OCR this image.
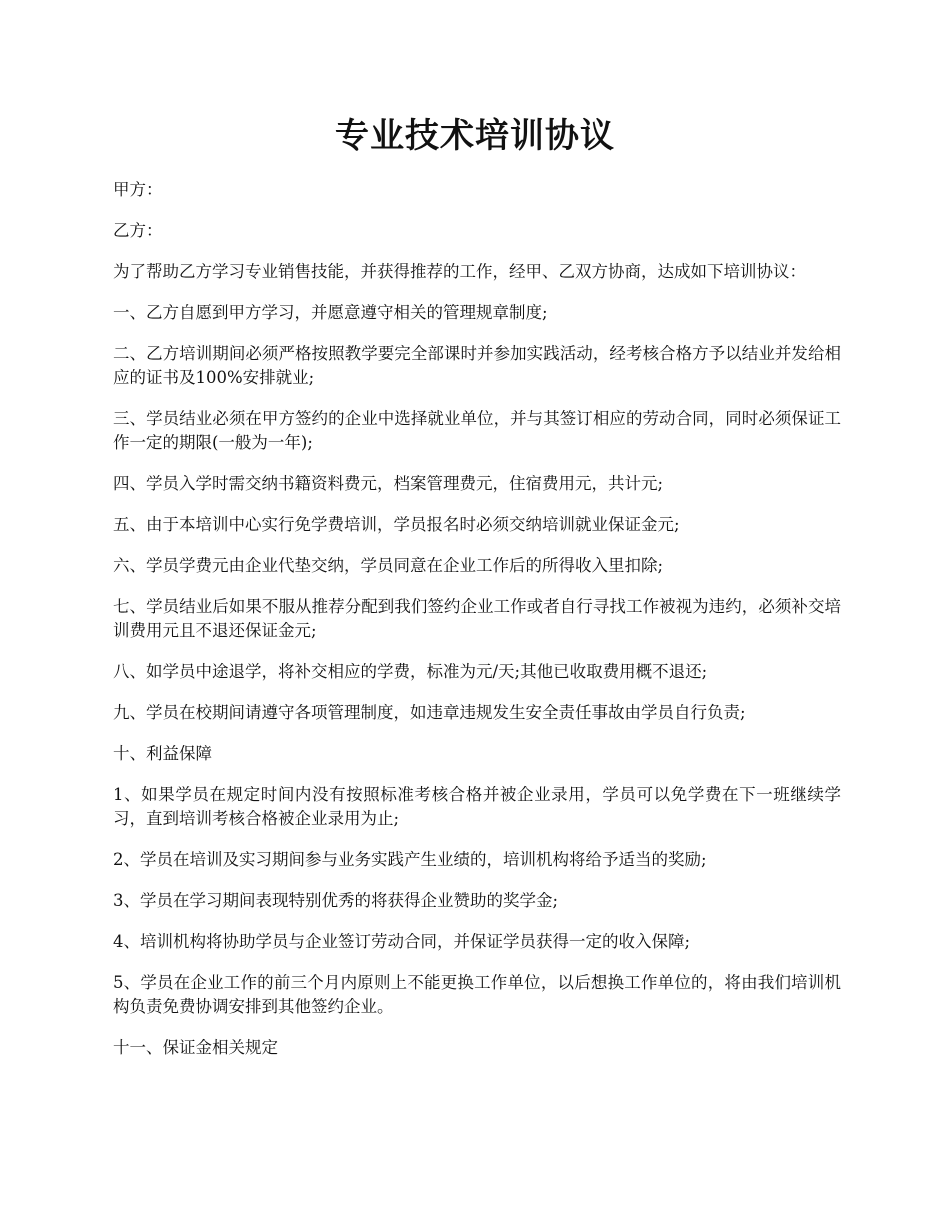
专业技术培训协议

甲方：

乙方：

为了帮助乙方学习专业销售技能，并获得推荐的工作，经甲、乙双方协商，达成如下培训协议：

一、乙方自愿到甲方学习，并愿意遵守相关的管理规章制度;

二、乙方培训期间必须严格按照教学要完全部课时并参加实践活动，经考核合格方予以结业并发给相应的证书及100%安排就业;

三、学员结业必须在甲方签约的企业中选择就业单位，并与其签订相应的劳动合同，同时必须保证工作一定的期限(一般为一年);

四、学员入学时需交纳书籍资料费元，档案管理费元，住宿费用元，共计元;

五、由于本培训中心实行免学费培训，学员报名时必须交纳培训就业保证金元;

六、学员学费元由企业代垫交纳，学员同意在企业工作后的所得收入里扣除;

七、学员结业后如果不服从推荐分配到我们签约企业工作或者自行寻找工作被视为违约，必须补交培训费用元且不退还保证金元;

八、如学员中途退学，将补交相应的学费，标准为元/天;其他已收取费用概不退还;

九、学员在校期间请遵守各项管理制度，如违章违规发生安全责任事故由学员自行负责;

十、利益保障

1、如果学员在规定时间内没有按照标准考核合格并被企业录用，学员可以免学费在下一班继续学习，直到培训考核合格被企业录用为止;

2、学员在培训及实习期间参与业务实践产生业绩的，培训机构将给予适当的奖励;

3、学员在学习期间表现特别优秀的将获得企业赞助的奖学金;

4、培训机构将协助学员与企业签订劳动合同，并保证学员获得一定的收入保障;

5、学员在企业工作的前三个月内原则上不能更换工作单位，以后想换工作单位的，将由我们培训机构负责免费协调安排到其他签约企业。

十一、保证金相关规定
